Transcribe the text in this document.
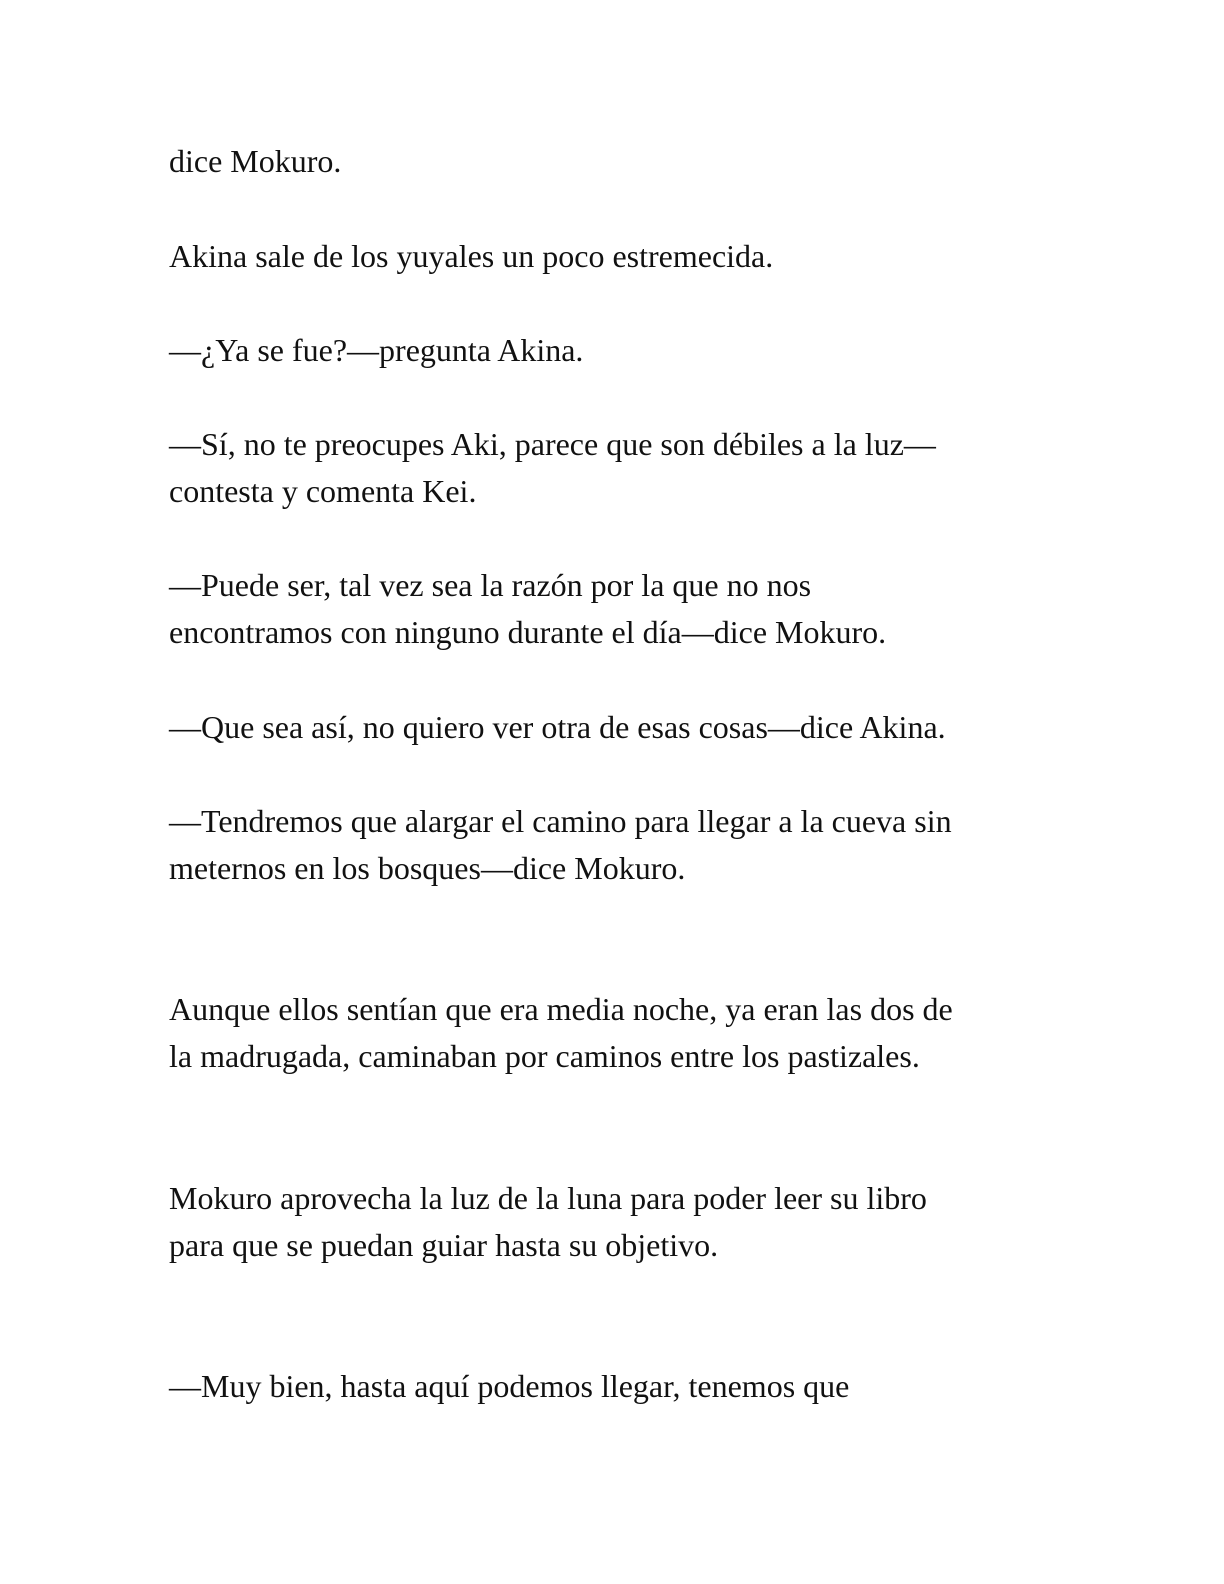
dice Mokuro.

Akina sale de los yuyales un poco estremecida.

—¿Ya se fue?—pregunta Akina.

—Sí, no te preocupes Aki, parece que son débiles a la luz—
contesta y comenta Kei.

—Puede ser, tal vez sea la razón por la que no nos
encontramos con ninguno durante el día—dice Mokuro.

—Que sea así, no quiero ver otra de esas cosas—dice Akina.

—Tendremos que alargar el camino para llegar a la cueva sin
meternos en los bosques—dice Mokuro.

Aunque ellos sentían que era media noche, ya eran las dos de
la madrugada, caminaban por caminos entre los pastizales.

Mokuro aprovecha la luz de la luna para poder leer su libro
para que se puedan guiar hasta su objetivo.

—Muy bien, hasta aquí podemos llegar, tenemos que
